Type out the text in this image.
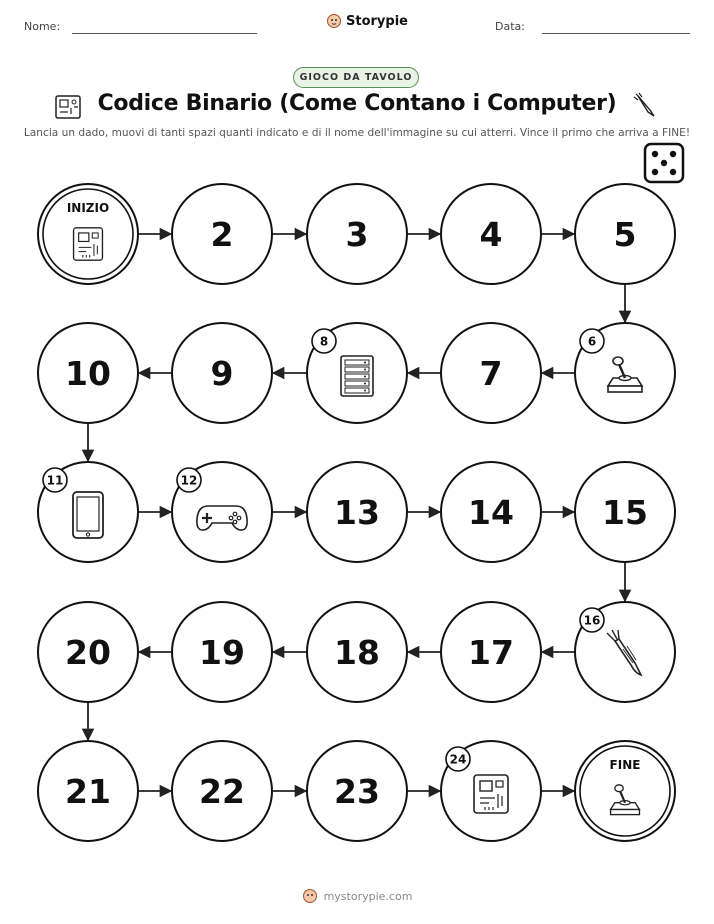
Nome:	Storypie	Data:
GIOCO DA TAVOLO
Codice Binario (Come Contano i Computer)
Lancia un dado, muovi di tanti spazi quanti indicato e di il nome dell'immagine su cui atterri. Vince il primo che arriva a FINE!
INIZIO
2	3	4	5
6
7
8
9
10
11	12
13	14	15
16
17
18
19
20
21	22	23
24	FINE
mystorypie.com
